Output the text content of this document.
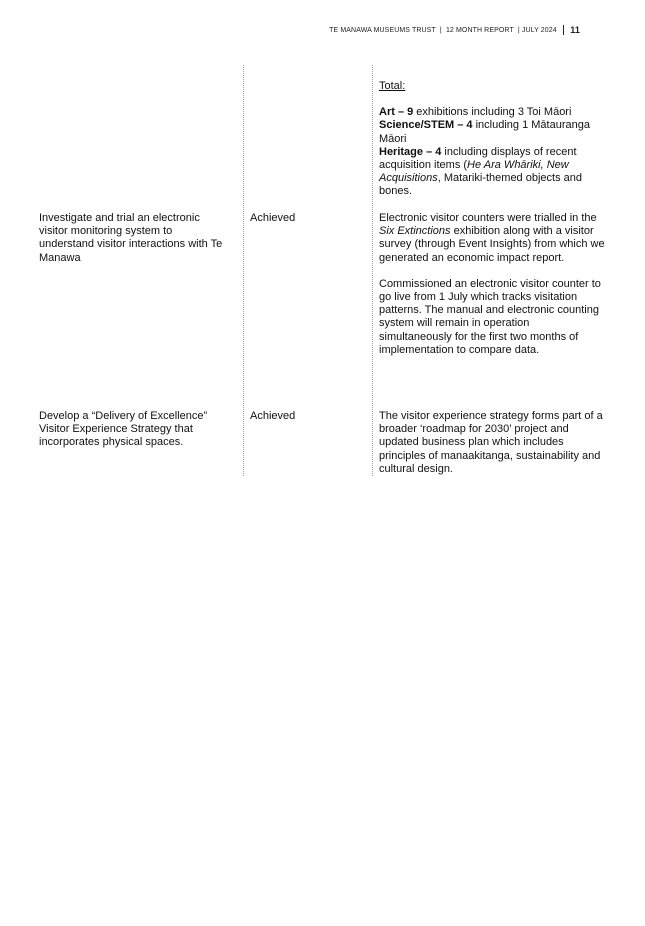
TE MANAWA MUSEUMS TRUST | 12 MONTH REPORT | JULY 2024 11
Total:
Art – 9 exhibitions including 3 Toi Māori
Science/STEM – 4 including 1 Mātauranga Māori
Heritage – 4 including displays of recent acquisition items (He Ara Whāriki, New Acquisitions, Matariki-themed objects and bones.
Investigate and trial an electronic visitor monitoring system to understand visitor interactions with Te Manawa
Achieved	Electronic visitor counters were trialled in the Six Extinctions exhibition along with a visitor survey (through Event Insights) from which we generated an economic impact report.
Commissioned an electronic visitor counter to go live from 1 July which tracks visitation patterns. The manual and electronic counting system will remain in operation simultaneously for the first two months of implementation to compare data.
Develop a “Delivery of Excellence” Visitor Experience Strategy that incorporates physical spaces.
Achieved	The visitor experience strategy forms part of a broader ‘roadmap for 2030’ project and updated business plan which includes principles of manaakitanga, sustainability and cultural design.
